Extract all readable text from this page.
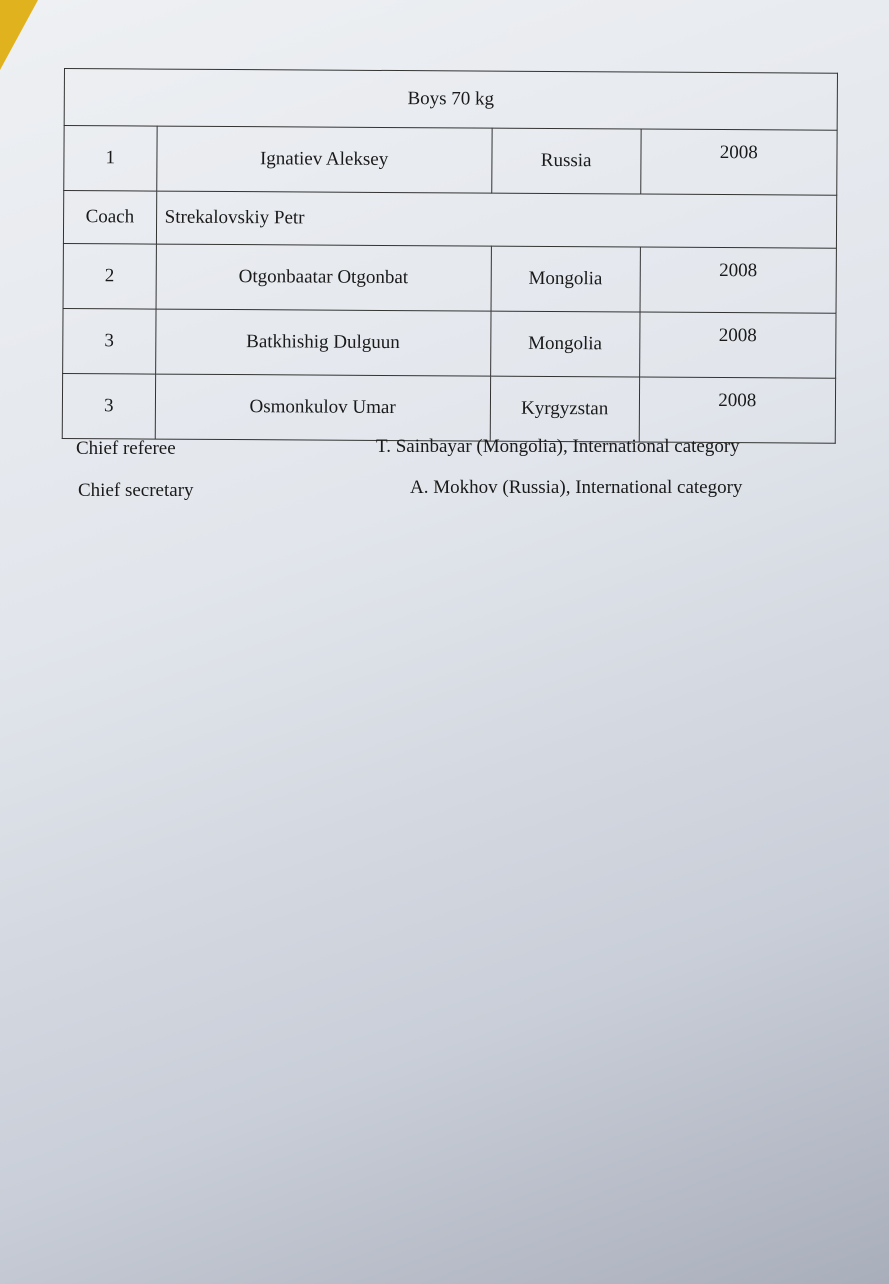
Boys 70 kg			
1	Ignatiev Aleksey	Russia	2008
Coach	Strekalovskiy Petr		
2	Otgonbaatar Otgonbat	Mongolia	2008
3	Batkhishig Dulguun	Mongolia	2008
3	Osmonkulov Umar	Kyrgyzstan	2008
Chief referee	T. Sainbayar (Mongolia), International category
Chief secretary	A. Mokhov (Russia), International category
